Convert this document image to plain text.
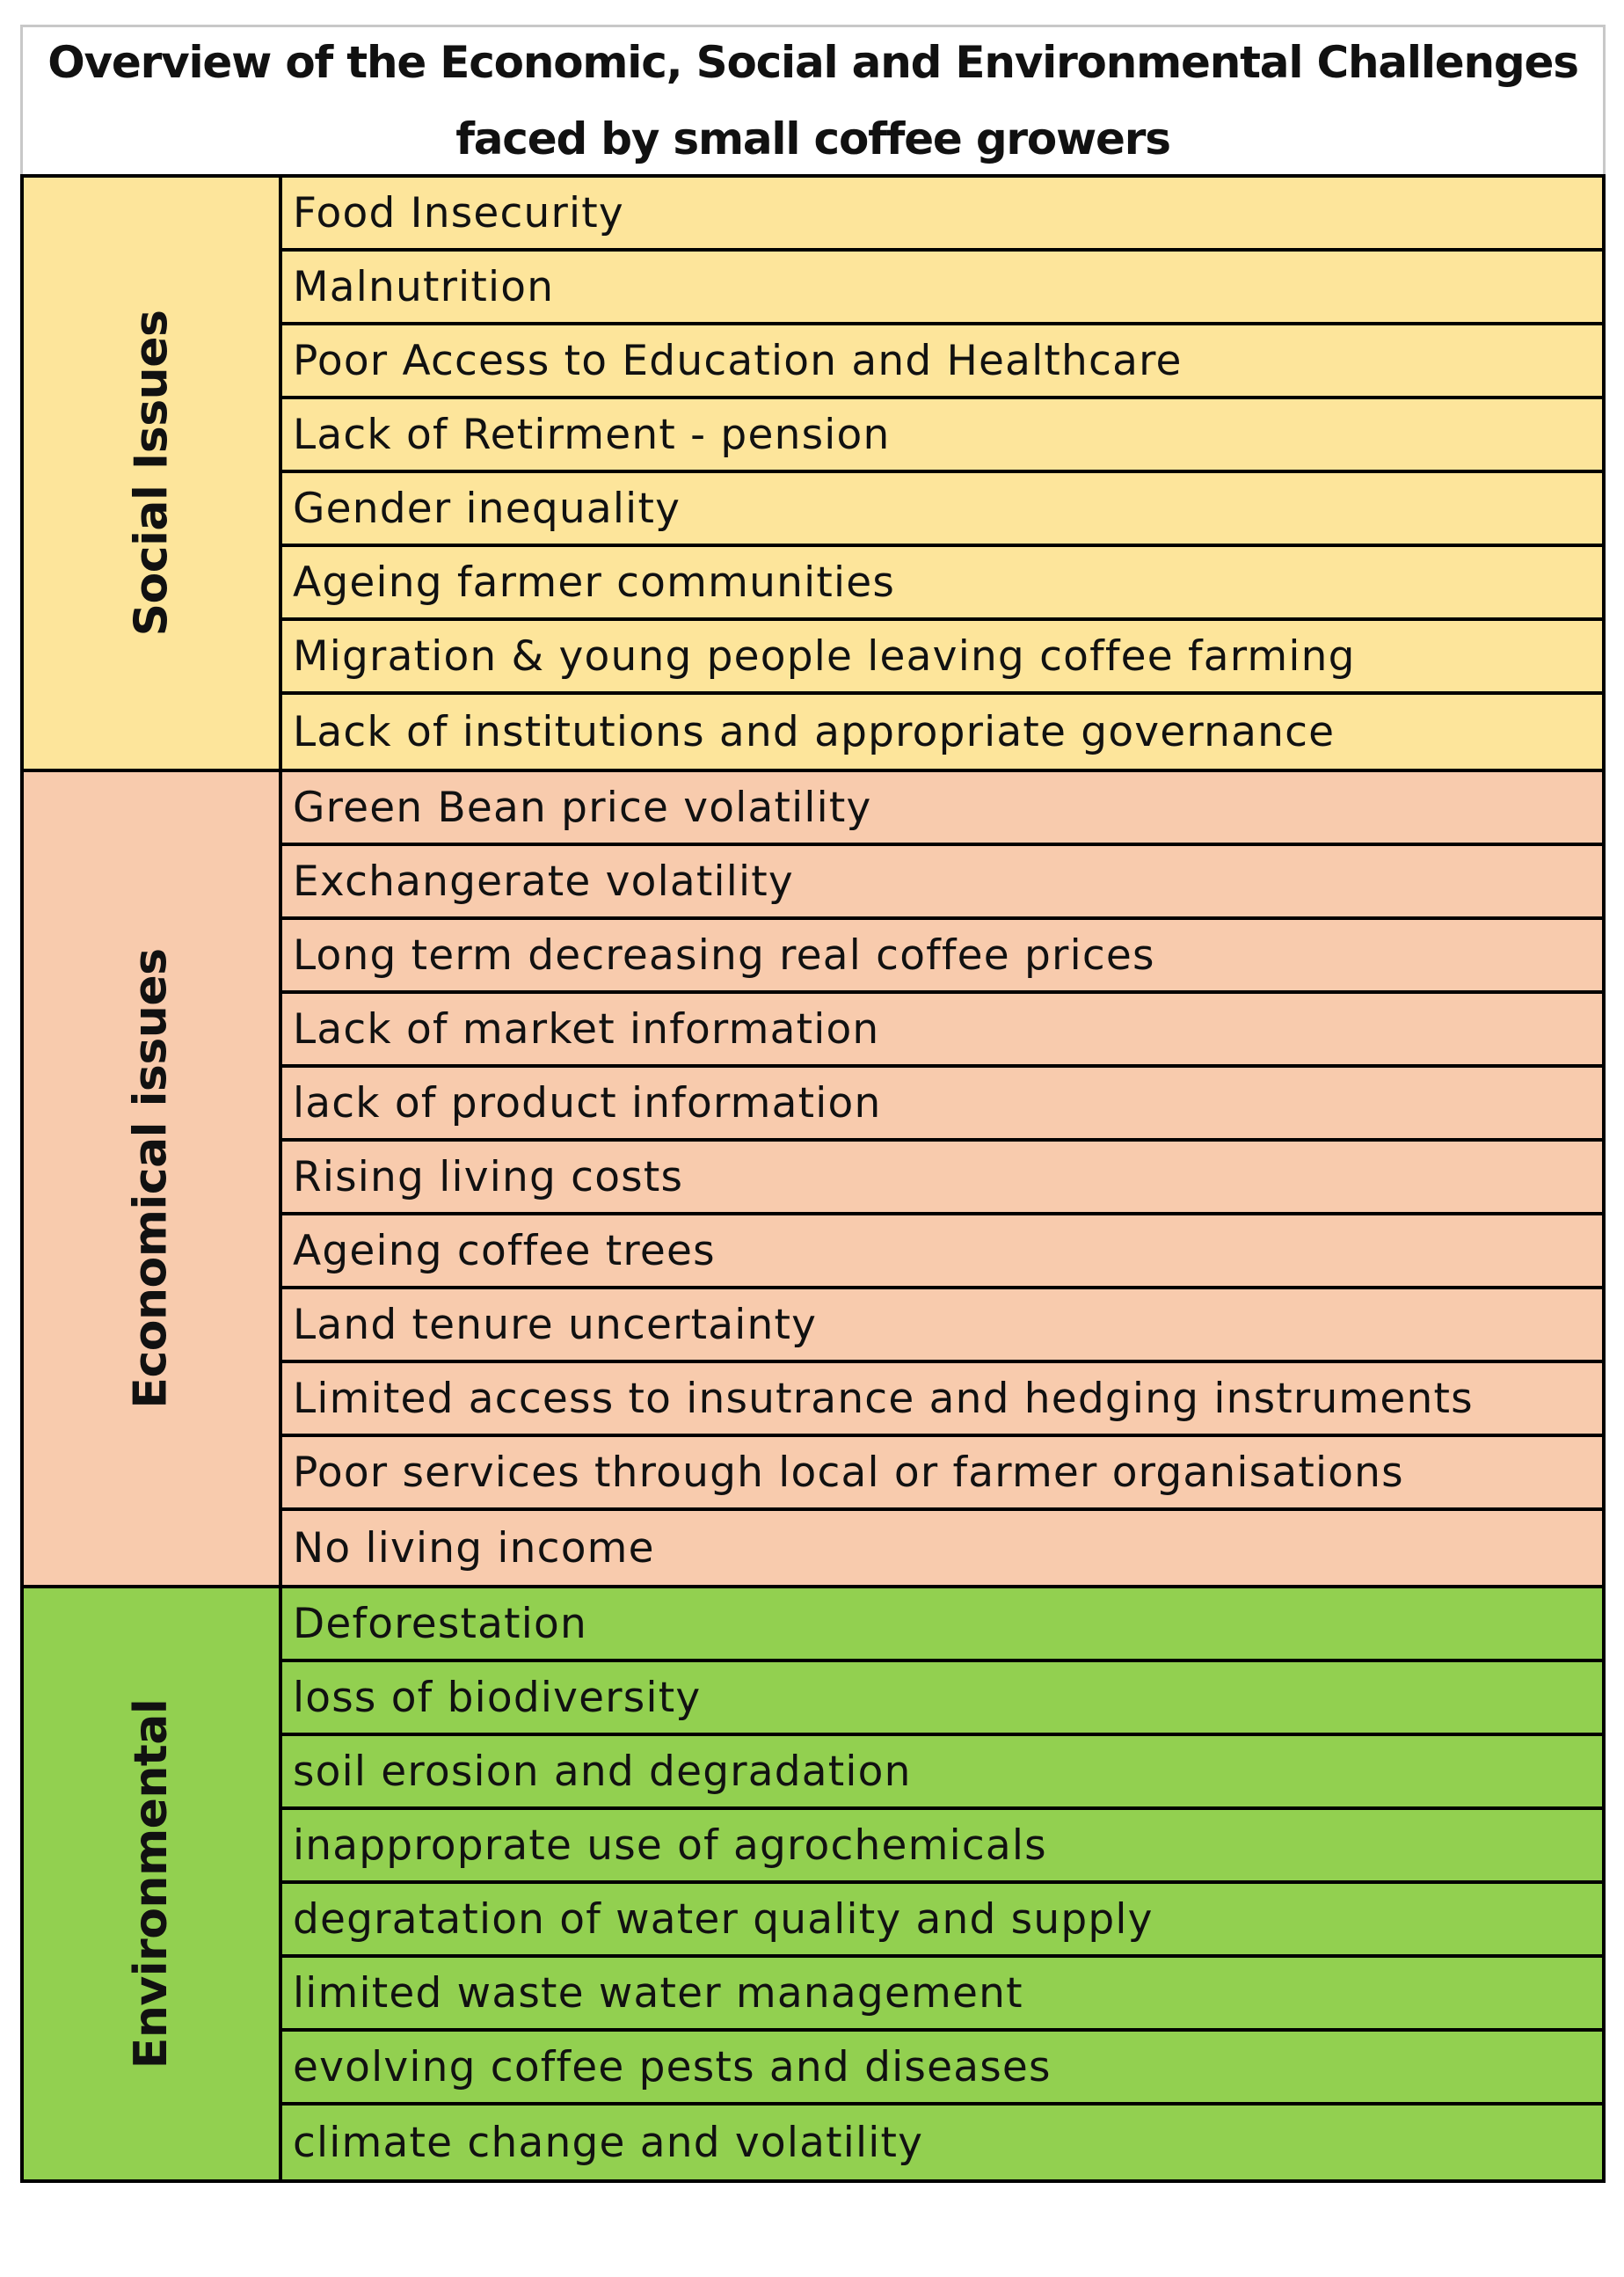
Overview of the Economic, Social and Environmental Challenges
faced by small coffee growers
Social Issues
Food Insecurity
Malnutrition
Poor Access to Education and Healthcare
Lack of Retirment - pension
Gender inequality
Ageing farmer communities
Migration & young people leaving coffee farming
Lack of institutions and appropriate governance
Economical issues
Green Bean price volatility
Exchangerate volatility
Long term decreasing real coffee prices
Lack of market information
lack of product information
Rising living costs
Ageing coffee trees
Land tenure uncertainty
Limited access to insutrance and hedging instruments
Poor services through local or farmer organisations
No living income
Environmental
Deforestation
loss of biodiversity
soil erosion and degradation
inapproprate use of agrochemicals
degratation of water quality and supply
limited waste water management
evolving coffee pests and diseases
climate change and volatility
